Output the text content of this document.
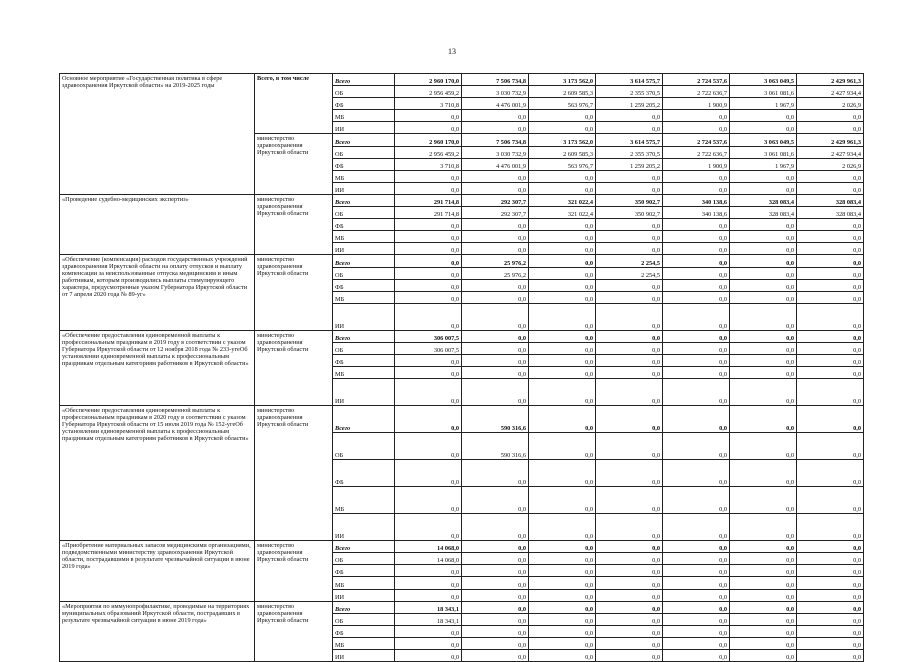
13
Основное мероприятие «Государственная политика в сфере здравоохранения Иркутской области» на 2019-2025 годы	Всего, в том числе	Всего	2 960 170,0	7 506 734,8	3 173 562,0	3 614 575,7	2 724 537,6	3 063 049,5	2 429 961,3
		ОБ	2 956 459,2	3 030 732,9	2 609 585,3	2 355 370,5	2 722 636,7	3 061 081,6	2 427 934,4
		ФБ	3 710,8	4 476 001,9	563 976,7	1 259 205,2	1 900,9	1 967,9	2 026,9
		МБ	0,0	0,0	0,0	0,0	0,0	0,0	0,0
		ИИ	0,0	0,0	0,0	0,0	0,0	0,0	0,0
	министерство здравоохранения Иркутской области	Всего	2 960 170,0	7 506 734,8	3 173 562,0	3 614 575,7	2 724 537,6	3 063 049,5	2 429 961,3
		ОБ	2 956 459,2	3 030 732,9	2 609 585,3	2 355 370,5	2 722 636,7	3 061 081,6	2 427 934,4
		ФБ	3 710,8	4 476 001,9	563 976,7	1 259 205,2	1 900,9	1 967,9	2 026,9
		МБ	0,0	0,0	0,0	0,0	0,0	0,0	0,0
		ИИ	0,0	0,0	0,0	0,0	0,0	0,0	0,0
«Проведение судебно-медицинских экспертиз»	министерство здравоохранения Иркутской области	Всего	291 714,8	292 307,7	321 022,4	350 902,7	340 138,6	328 083,4	328 083,4
		ОБ	291 714,8	292 307,7	321 022,4	350 902,7	340 138,6	328 083,4	328 083,4
		ФБ	0,0	0,0	0,0	0,0	0,0	0,0	0,0
		МБ	0,0	0,0	0,0	0,0	0,0	0,0	0,0
		ИИ	0,0	0,0	0,0	0,0	0,0	0,0	0,0
«Обеспечение (компенсация) расходов государственных учреждений здравоохранения Иркутской области на оплату отпусков и выплату компенсации за неиспользованные отпуска медицинским и иным работникам, которым производились выплаты стимулирующего характера, предусмотренные указом Губернатора Иркутской области от 7 апреля 2020 года № 89-уг»	министерство здравоохранения Иркутской области	Всего	0,0	25 976,2	0,0	2 254,5	0,0	0,0	0,0
		ОБ	0,0	25 976,2	0,0	2 254,5	0,0	0,0	0,0
		ФБ	0,0	0,0	0,0	0,0	0,0	0,0	0,0
		МБ	0,0	0,0	0,0	0,0	0,0	0,0	0,0
		ИИ	0,0	0,0	0,0	0,0	0,0	0,0	0,0
«Обеспечение предоставления единовременной выплаты к профессиональным праздникам в 2019 году в соответствии с указом Губернатора Иркутской области от 12 ноября 2018 года № 233-угеОб установлении единовременной выплаты к профессиональным праздникам отдельным категориям работников в Иркутской области»	министерство здравоохранения Иркутской области	Всего	306 007,5	0,0	0,0	0,0	0,0	0,0	0,0
		ОБ	306 007,5	0,0	0,0	0,0	0,0	0,0	0,0
		ФБ	0,0	0,0	0,0	0,0	0,0	0,0	0,0
		МБ	0,0	0,0	0,0	0,0	0,0	0,0	0,0
		ИИ	0,0	0,0	0,0	0,0	0,0	0,0	0,0
«Обеспечение предоставления единовременной выплаты к профессиональным праздникам в 2020 году в соответствии с указом Губернатора Иркутской области от 15 июля 2019 года № 152-угеОб установлении единовременной выплаты к профессиональным праздникам отдельным категориям работников в Иркутской области»	министерство здравоохранения Иркутской области	Всего	0,0	590 316,6	0,0	0,0	0,0	0,0	0,0
		ОБ	0,0	590 316,6	0,0	0,0	0,0	0,0	0,0
		ФБ	0,0	0,0	0,0	0,0	0,0	0,0	0,0
		МБ	0,0	0,0	0,0	0,0	0,0	0,0	0,0
		ИИ	0,0	0,0	0,0	0,0	0,0	0,0	0,0
«Приобретение материальных запасов медицинскими организациями, подведомственными министерству здравоохранения Иркутской области, пострадавшими в результате чрезвычайной ситуации в июне 2019 года»	министерство здравоохранения Иркутской области	Всего	14 068,0	0,0	0,0	0,0	0,0	0,0	0,0
		ОБ	14 068,0	0,0	0,0	0,0	0,0	0,0	0,0
		ФБ	0,0	0,0	0,0	0,0	0,0	0,0	0,0
		МБ	0,0	0,0	0,0	0,0	0,0	0,0	0,0
		ИИ	0,0	0,0	0,0	0,0	0,0	0,0	0,0
«Мероприятия по иммунопрофилактике, проводимые на территориях муниципальных образований Иркутской области, пострадавших в результате чрезвычайной ситуации в июне 2019 года»	министерство здравоохранения Иркутской области	Всего	18 343,1	0,0	0,0	0,0	0,0	0,0	0,0
		ОБ	18 343,1	0,0	0,0	0,0	0,0	0,0	0,0
		ФБ	0,0	0,0	0,0	0,0	0,0	0,0	0,0
		МБ	0,0	0,0	0,0	0,0	0,0	0,0	0,0
		ИИ	0,0	0,0	0,0	0,0	0,0	0,0	0,0
